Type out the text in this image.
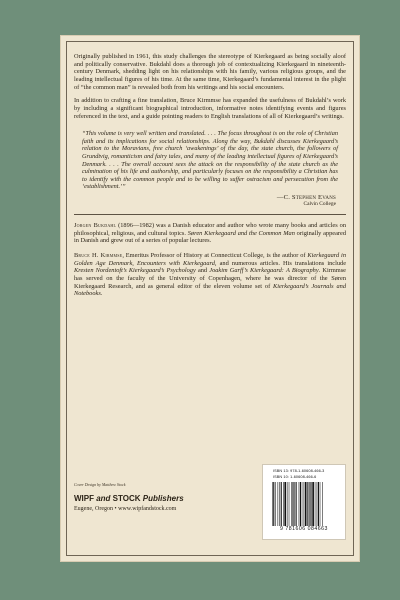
Originally published in 1961, this study challenges the stereotype of Kierkegaard as being socially aloof and politically conservative. Bukdahl does a thorough job of contextualizing Kierkegaard in nineteenth-century Denmark, shedding light on his relationships with his family, various religious groups, and the leading intellectual figures of his time. At the same time, Kierkegaard’s fundamental interest in the plight of “the common man” is revealed both from his writings and his social encounters.

In addition to crafting a fine translation, Bruce Kirmmse has expanded the usefulness of Bukdahl’s work by including a significant biographical introduction, informative notes identifying events and figures referenced in the text, and a guide pointing readers to English translations of all of Kierkegaard’s writings.

“This volume is very well written and translated. . . . The focus throughout is on the role of Christian faith and its implications for social relationships. Along the way, Bukdahl discusses Kierkegaard’s relation to the Moravians, free church ‘awakenings’ of the day, the state church, the followers of Grundtvig, romanticism and fairy tales, and many of the leading intellectual figures of Kierkegaard’s Denmark. . . . The overall account sees the attack on the responsibility of the state church as the culmination of his life and authorship, and particularly focuses on the responsibility a Christian has to identify with the common people and to be willing to suffer ostracism and persecution from the ‘establishment.’”

—C. Stephen Evans
Calvin College

Jorgen Bukdahl (1896—1982) was a Danish educator and author who wrote many books and articles on philosophical, religious, and cultural topics. Søren Kierkegaard and the Common Man originally appeared in Danish and grew out of a series of popular lectures.

Bruce H. Kirmmse, Emeritus Professor of History at Connecticut College, is the author of Kierkegaard in Golden Age Denmark, Encounters with Kierkegaard, and numerous articles. His translations include Kresten Nordentoft’s Kierkegaard’s Psychology and Joakim Garff’s Kierkegaard: A Biography. Kirmmse has served on the faculty of the University of Copenhagen, where he was director of the Søren Kierkegaard Research, and as general editor of the eleven volume set of Kierkegaard’s Journals and Notebooks.

Cover Design by Matthew Stock
WIPF and STOCK Publishers
Eugene, Oregon • www.wipfandstock.com
ISBN 13: 978-1-60608-466-3
ISBN 10: 1-60608-466-6
9 781606 084663
